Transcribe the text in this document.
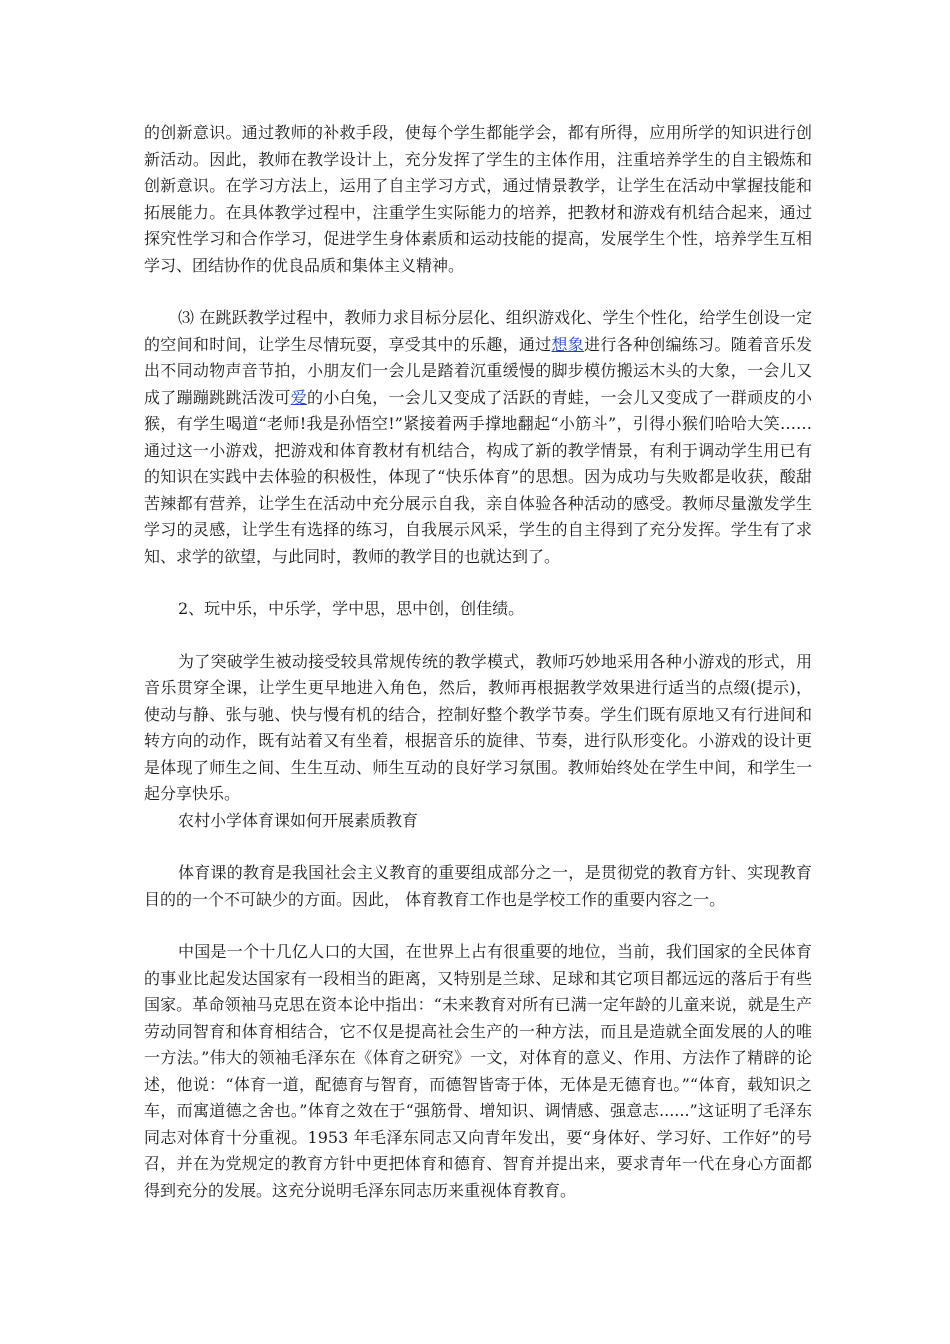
的创新意识。通过教师的补救手段，使每个学生都能学会，都有所得，应用所学的知识进行创新活动。因此，教师在教学设计上，充分发挥了学生的主体作用，注重培养学生的自主锻炼和创新意识。在学习方法上，运用了自主学习方式，通过情景教学，让学生在活动中掌握技能和拓展能力。在具体教学过程中，注重学生实际能力的培养，把教材和游戏有机结合起来，通过探究性学习和合作学习，促进学生身体素质和运动技能的提高，发展学生个性，培养学生互相学习、团结协作的优良品质和集体主义精神。

⑶ 在跳跃教学过程中，教师力求目标分层化、组织游戏化、学生个性化，给学生创设一定的空间和时间，让学生尽情玩耍，享受其中的乐趣，通过想象进行各种创编练习。随着音乐发出不同动物声音节拍，小朋友们一会儿是踏着沉重缓慢的脚步模仿搬运木头的大象，一会儿又成了蹦蹦跳跳活泼可爱的小白兔，一会儿又变成了活跃的青蛙，一会儿又变成了一群顽皮的小猴，有学生喝道“老师!我是孙悟空!”紧接着两手撑地翻起“小筋斗”，引得小猴们哈哈大笑……通过这一小游戏，把游戏和体育教材有机结合，构成了新的教学情景，有利于调动学生用已有的知识在实践中去体验的积极性，体现了“快乐体育”的思想。因为成功与失败都是收获，酸甜苦辣都有营养，让学生在活动中充分展示自我，亲自体验各种活动的感受。教师尽量激发学生学习的灵感，让学生有选择的练习，自我展示风采，学生的自主得到了充分发挥。学生有了求知、求学的欲望，与此同时，教师的教学目的也就达到了。

2、玩中乐，中乐学，学中思，思中创，创佳绩。

为了突破学生被动接受较具常规传统的教学模式，教师巧妙地采用各种小游戏的形式，用音乐贯穿全课，让学生更早地进入角色，然后，教师再根据教学效果进行适当的点缀(提示)，使动与静、张与驰、快与慢有机的结合，控制好整个教学节奏。学生们既有原地又有行进间和转方向的动作，既有站着又有坐着，根据音乐的旋律、节奏，进行队形变化。小游戏的设计更是体现了师生之间、生生互动、师生互动的良好学习氛围。教师始终处在学生中间，和学生一起分享快乐。

农村小学体育课如何开展素质教育

体育课的教育是我国社会主义教育的重要组成部分之一，是贯彻党的教育方针、实现教育目的的一个不可缺少的方面。因此， 体育教育工作也是学校工作的重要内容之一。

中国是一个十几亿人口的大国，在世界上占有很重要的地位，当前，我们国家的全民体育的事业比起发达国家有一段相当的距离，又特别是兰球、足球和其它项目都远远的落后于有些国家。革命领袖马克思在资本论中指出：“未来教育对所有已满一定年龄的儿童来说，就是生产劳动同智育和体育相结合，它不仅是提高社会生产的一种方法，而且是造就全面发展的人的唯一方法。”伟大的领袖毛泽东在《体育之研究》一文，对体育的意义、作用、方法作了精辟的论述，他说：“体育一道，配德育与智育，而德智皆寄于体，无体是无德育也。”“体育，载知识之车，而寓道德之舍也。”体育之效在于“强筋骨、增知识、调情感、强意志......”这证明了毛泽东同志对体育十分重视。1953 年毛泽东同志又向青年发出，要“身体好、学习好、工作好”的号召，并在为党规定的教育方针中更把体育和德育、智育并提出来，要求青年一代在身心方面都得到充分的发展。这充分说明毛泽东同志历来重视体育教育。
